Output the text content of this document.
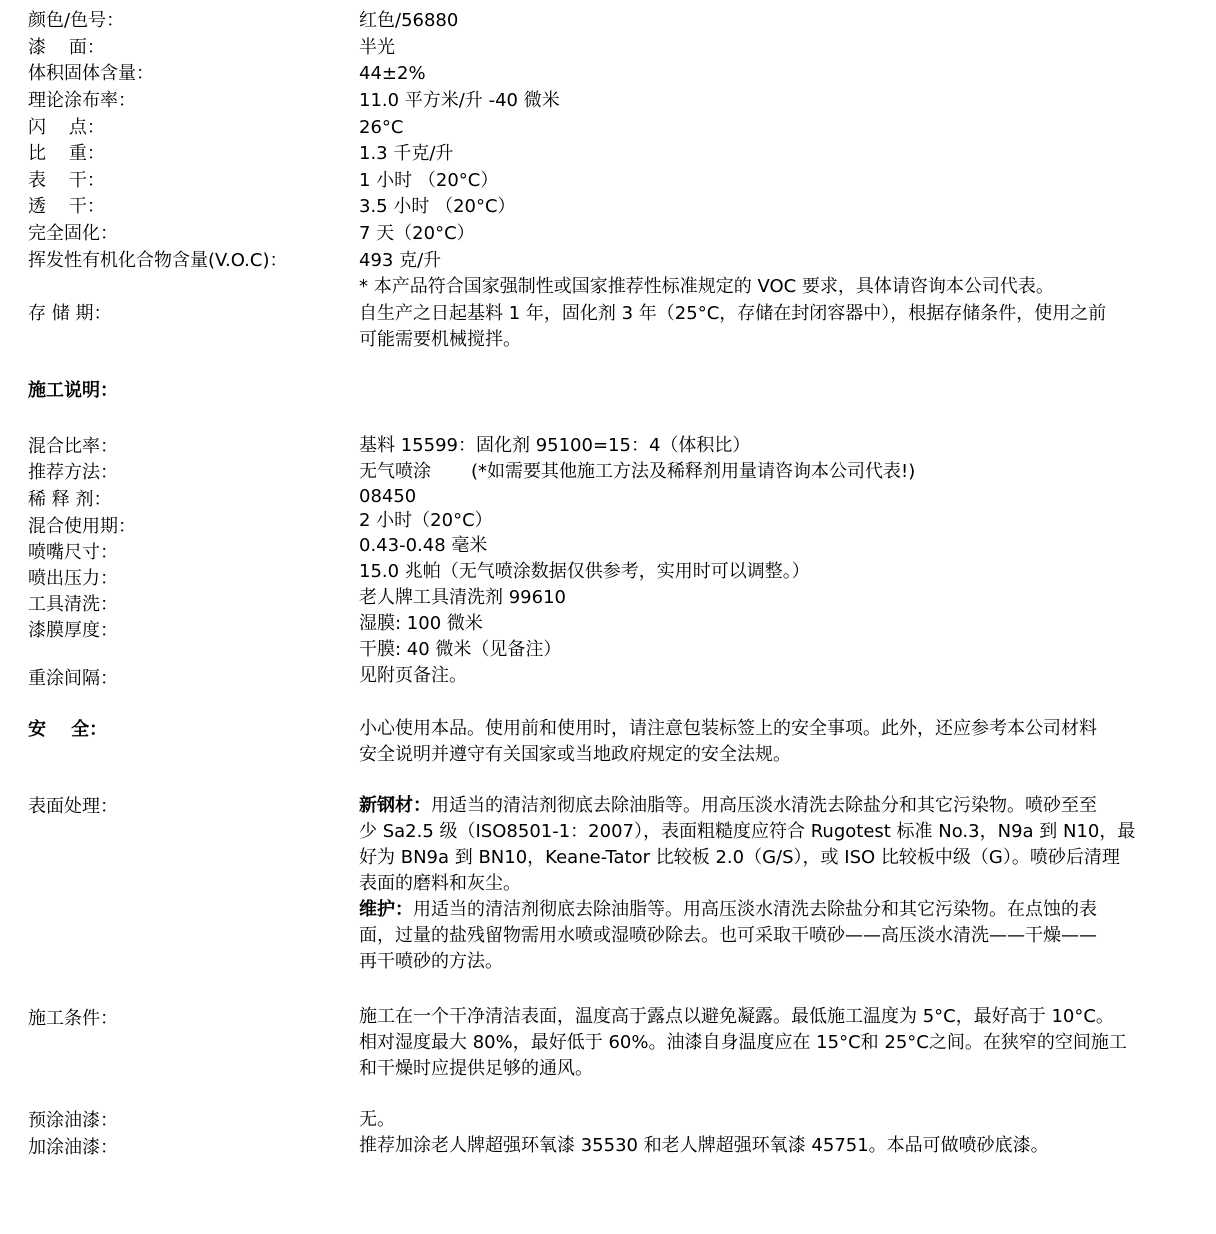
颜色/色号：	红色/56880
漆    面：	半光
体积固体含量：	44±2%
理论涂布率：	11.0 平方米/升 -40 微米
闪    点：	26°C
比    重：	1.3 千克/升
表    干：	1 小时 （20°C）
透    干：	3.5 小时 （20°C）
完全固化：	7 天（20°C）
挥发性有机化合物含量(V.O.C)：	493 克/升
* 本产品符合国家强制性或国家推荐性标准规定的 VOC 要求，具体请咨询本公司代表。
存 储 期：	自生产之日起基料 1 年，固化剂 3 年（25°C，存储在封闭容器中），根据存储条件，使用之前
可能需要机械搅拌。
施工说明：
混合比率：	基料 15599：固化剂 95100=15：4（体积比）
推荐方法：	无气喷涂 (*如需要其他施工方法及稀释剂用量请咨询本公司代表!)
稀 释 剂：	08450
混合使用期：	2 小时（20°C）
喷嘴尺寸：	0.43-0.48 毫米
喷出压力：	15.0 兆帕（无气喷涂数据仅供参考，实用时可以调整。）
工具清洗：	老人牌工具清洗剂 99610
漆膜厚度：	湿膜: 100 微米
干膜: 40 微米（见备注）
重涂间隔：	见附页备注。
安    全：	小心使用本品。使用前和使用时，请注意包装标签上的安全事项。此外，还应参考本公司材料
安全说明并遵守有关国家或当地政府规定的安全法规。
表面处理：	新钢材：用适当的清洁剂彻底去除油脂等。用高压淡水清洗去除盐分和其它污染物。喷砂至至
少 Sa2.5 级（ISO8501-1：2007），表面粗糙度应符合 Rugotest 标准 No.3，N9a 到 N10，最
好为 BN9a 到 BN10，Keane-Tator 比较板 2.0（G/S），或 ISO 比较板中级（G）。喷砂后清理
表面的磨料和灰尘。
维护：用适当的清洁剂彻底去除油脂等。用高压淡水清洗去除盐分和其它污染物。在点蚀的表
面，过量的盐残留物需用水喷或湿喷砂除去。也可采取干喷砂——高压淡水清洗——干燥——
再干喷砂的方法。
施工条件：	施工在一个干净清洁表面，温度高于露点以避免凝露。最低施工温度为 5°C，最好高于 10°C。
相对湿度最大 80%，最好低于 60%。油漆自身温度应在 15°C和 25°C之间。在狭窄的空间施工
和干燥时应提供足够的通风。
预涂油漆：	无。
加涂油漆：	推荐加涂老人牌超强环氧漆 35530 和老人牌超强环氧漆 45751。本品可做喷砂底漆。
